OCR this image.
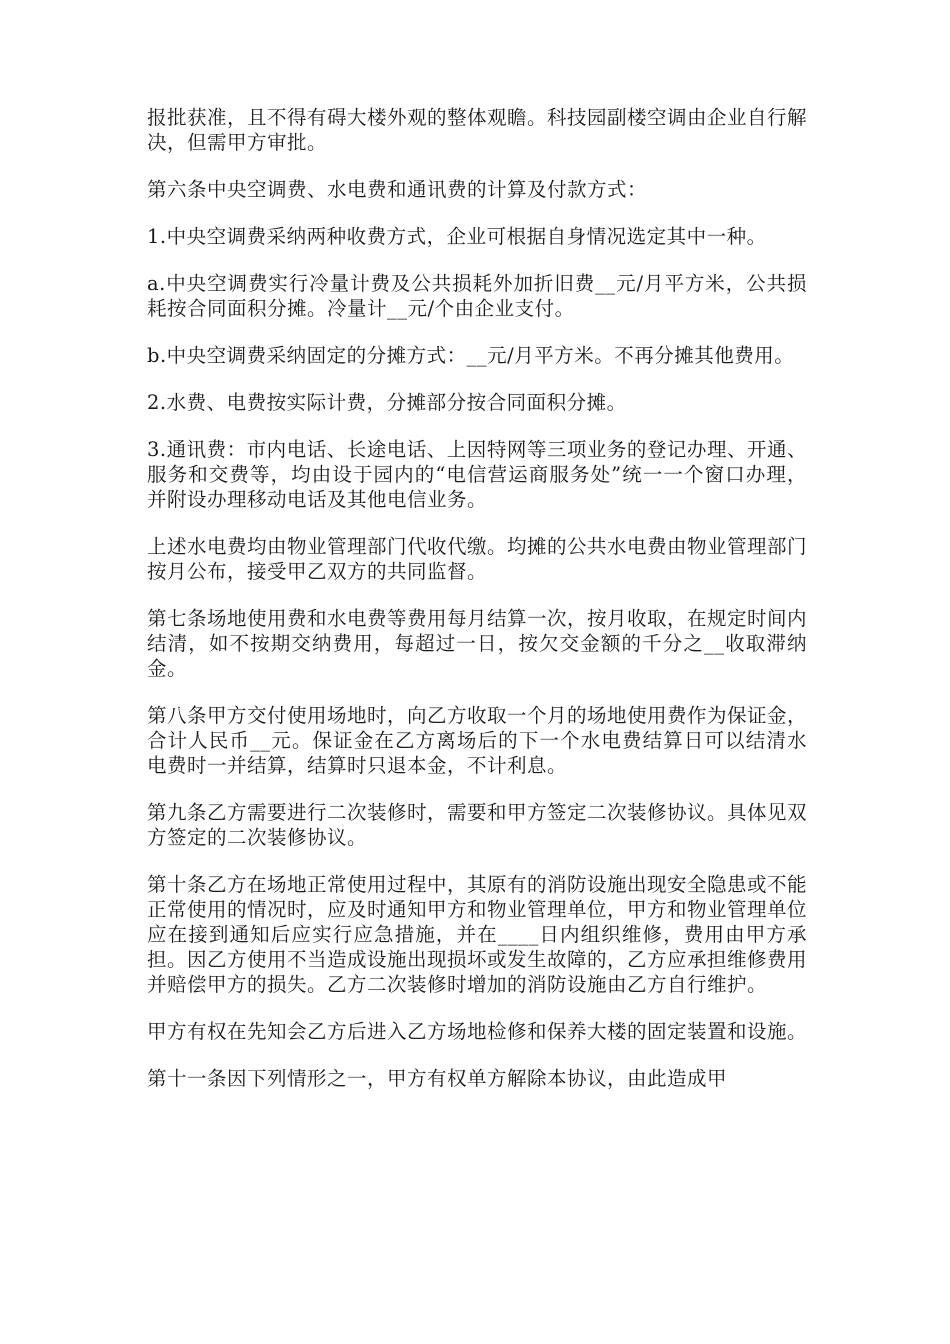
报批获准，且不得有碍大楼外观的整体观瞻。科技园副楼空调由企业自行解决，但需甲方审批。

第六条中央空调费、水电费和通讯费的计算及付款方式：

1.中央空调费采纳两种收费方式，企业可根据自身情况选定其中一种。

a.中央空调费实行冷量计费及公共损耗外加折旧费__元/月平方米，公共损耗按合同面积分摊。冷量计__元/个由企业支付。

b.中央空调费采纳固定的分摊方式：__元/月平方米。不再分摊其他费用。

2.水费、电费按实际计费，分摊部分按合同面积分摊。

3.通讯费：市内电话、长途电话、上因特网等三项业务的登记办理、开通、服务和交费等，均由设于园内的“电信营运商服务处”统一一个窗口办理，并附设办理移动电话及其他电信业务。

上述水电费均由物业管理部门代收代缴。均摊的公共水电费由物业管理部门按月公布，接受甲乙双方的共同监督。

第七条场地使用费和水电费等费用每月结算一次，按月收取，在规定时间内结清，如不按期交纳费用，每超过一日，按欠交金额的千分之__收取滞纳金。

第八条甲方交付使用场地时，向乙方收取一个月的场地使用费作为保证金，合计人民币__元。保证金在乙方离场后的下一个水电费结算日可以结清水电费时一并结算，结算时只退本金，不计利息。

第九条乙方需要进行二次装修时，需要和甲方签定二次装修协议。具体见双方签定的二次装修协议。

第十条乙方在场地正常使用过程中，其原有的消防设施出现安全隐患或不能正常使用的情况时，应及时通知甲方和物业管理单位，甲方和物业管理单位应在接到通知后应实行应急措施，并在____日内组织维修，费用由甲方承担。因乙方使用不当造成设施出现损坏或发生故障的，乙方应承担维修费用并赔偿甲方的损失。乙方二次装修时增加的消防设施由乙方自行维护。

甲方有权在先知会乙方后进入乙方场地检修和保养大楼的固定装置和设施。

第十一条因下列情形之一，甲方有权单方解除本协议，由此造成甲
